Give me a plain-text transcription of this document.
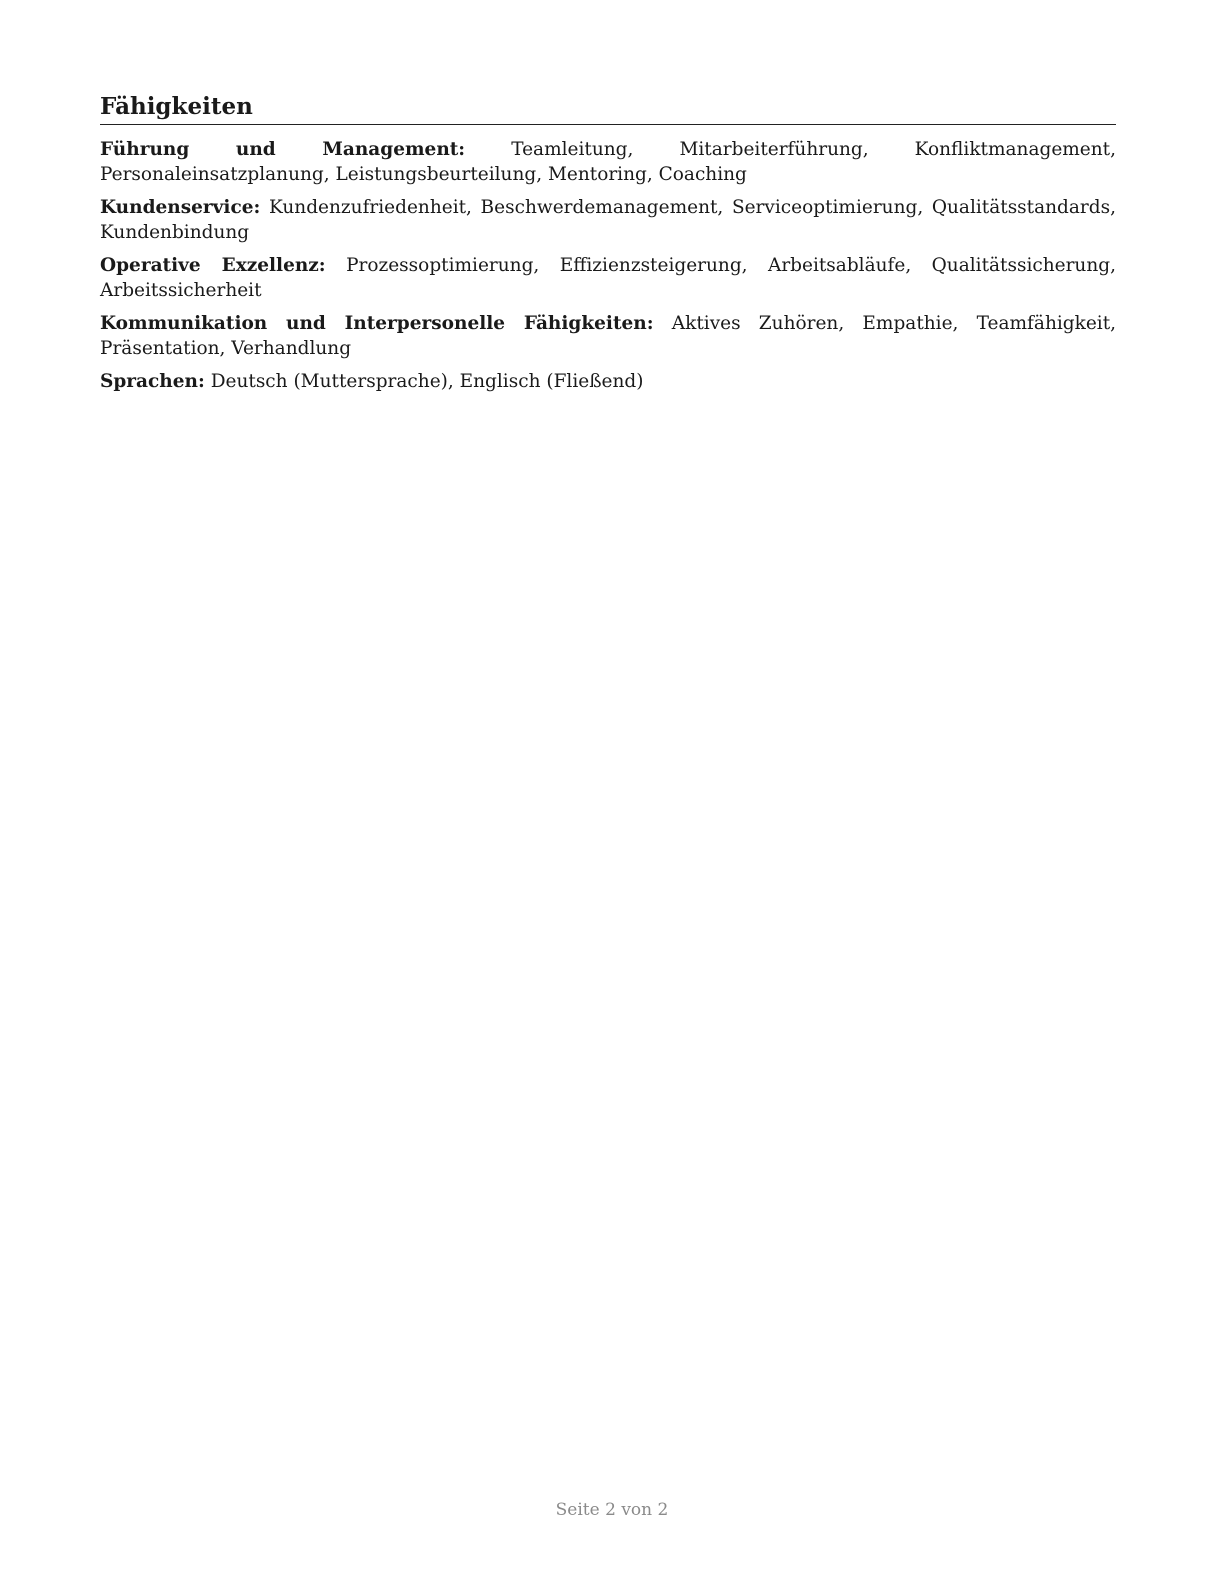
Fähigkeiten

Führung und Management: Teamleitung, Mitarbeiterführung, Konfliktmanagement, Personaleinsatzplanung, Leistungsbeurteilung, Mentoring, Coaching

Kundenservice: Kundenzufriedenheit, Beschwerdemanagement, Serviceoptimierung, Qualitätsstandards, Kundenbindung

Operative Exzellenz: Prozessoptimierung, Effizienzsteigerung, Arbeitsabläufe, Qualitätssicherung, Arbeitssicherheit

Kommunikation und Interpersonelle Fähigkeiten: Aktives Zuhören, Empathie, Teamfähigkeit, Präsentation, Verhandlung

Sprachen: Deutsch (Muttersprache), Englisch (Fließend)

Seite 2 von 2
